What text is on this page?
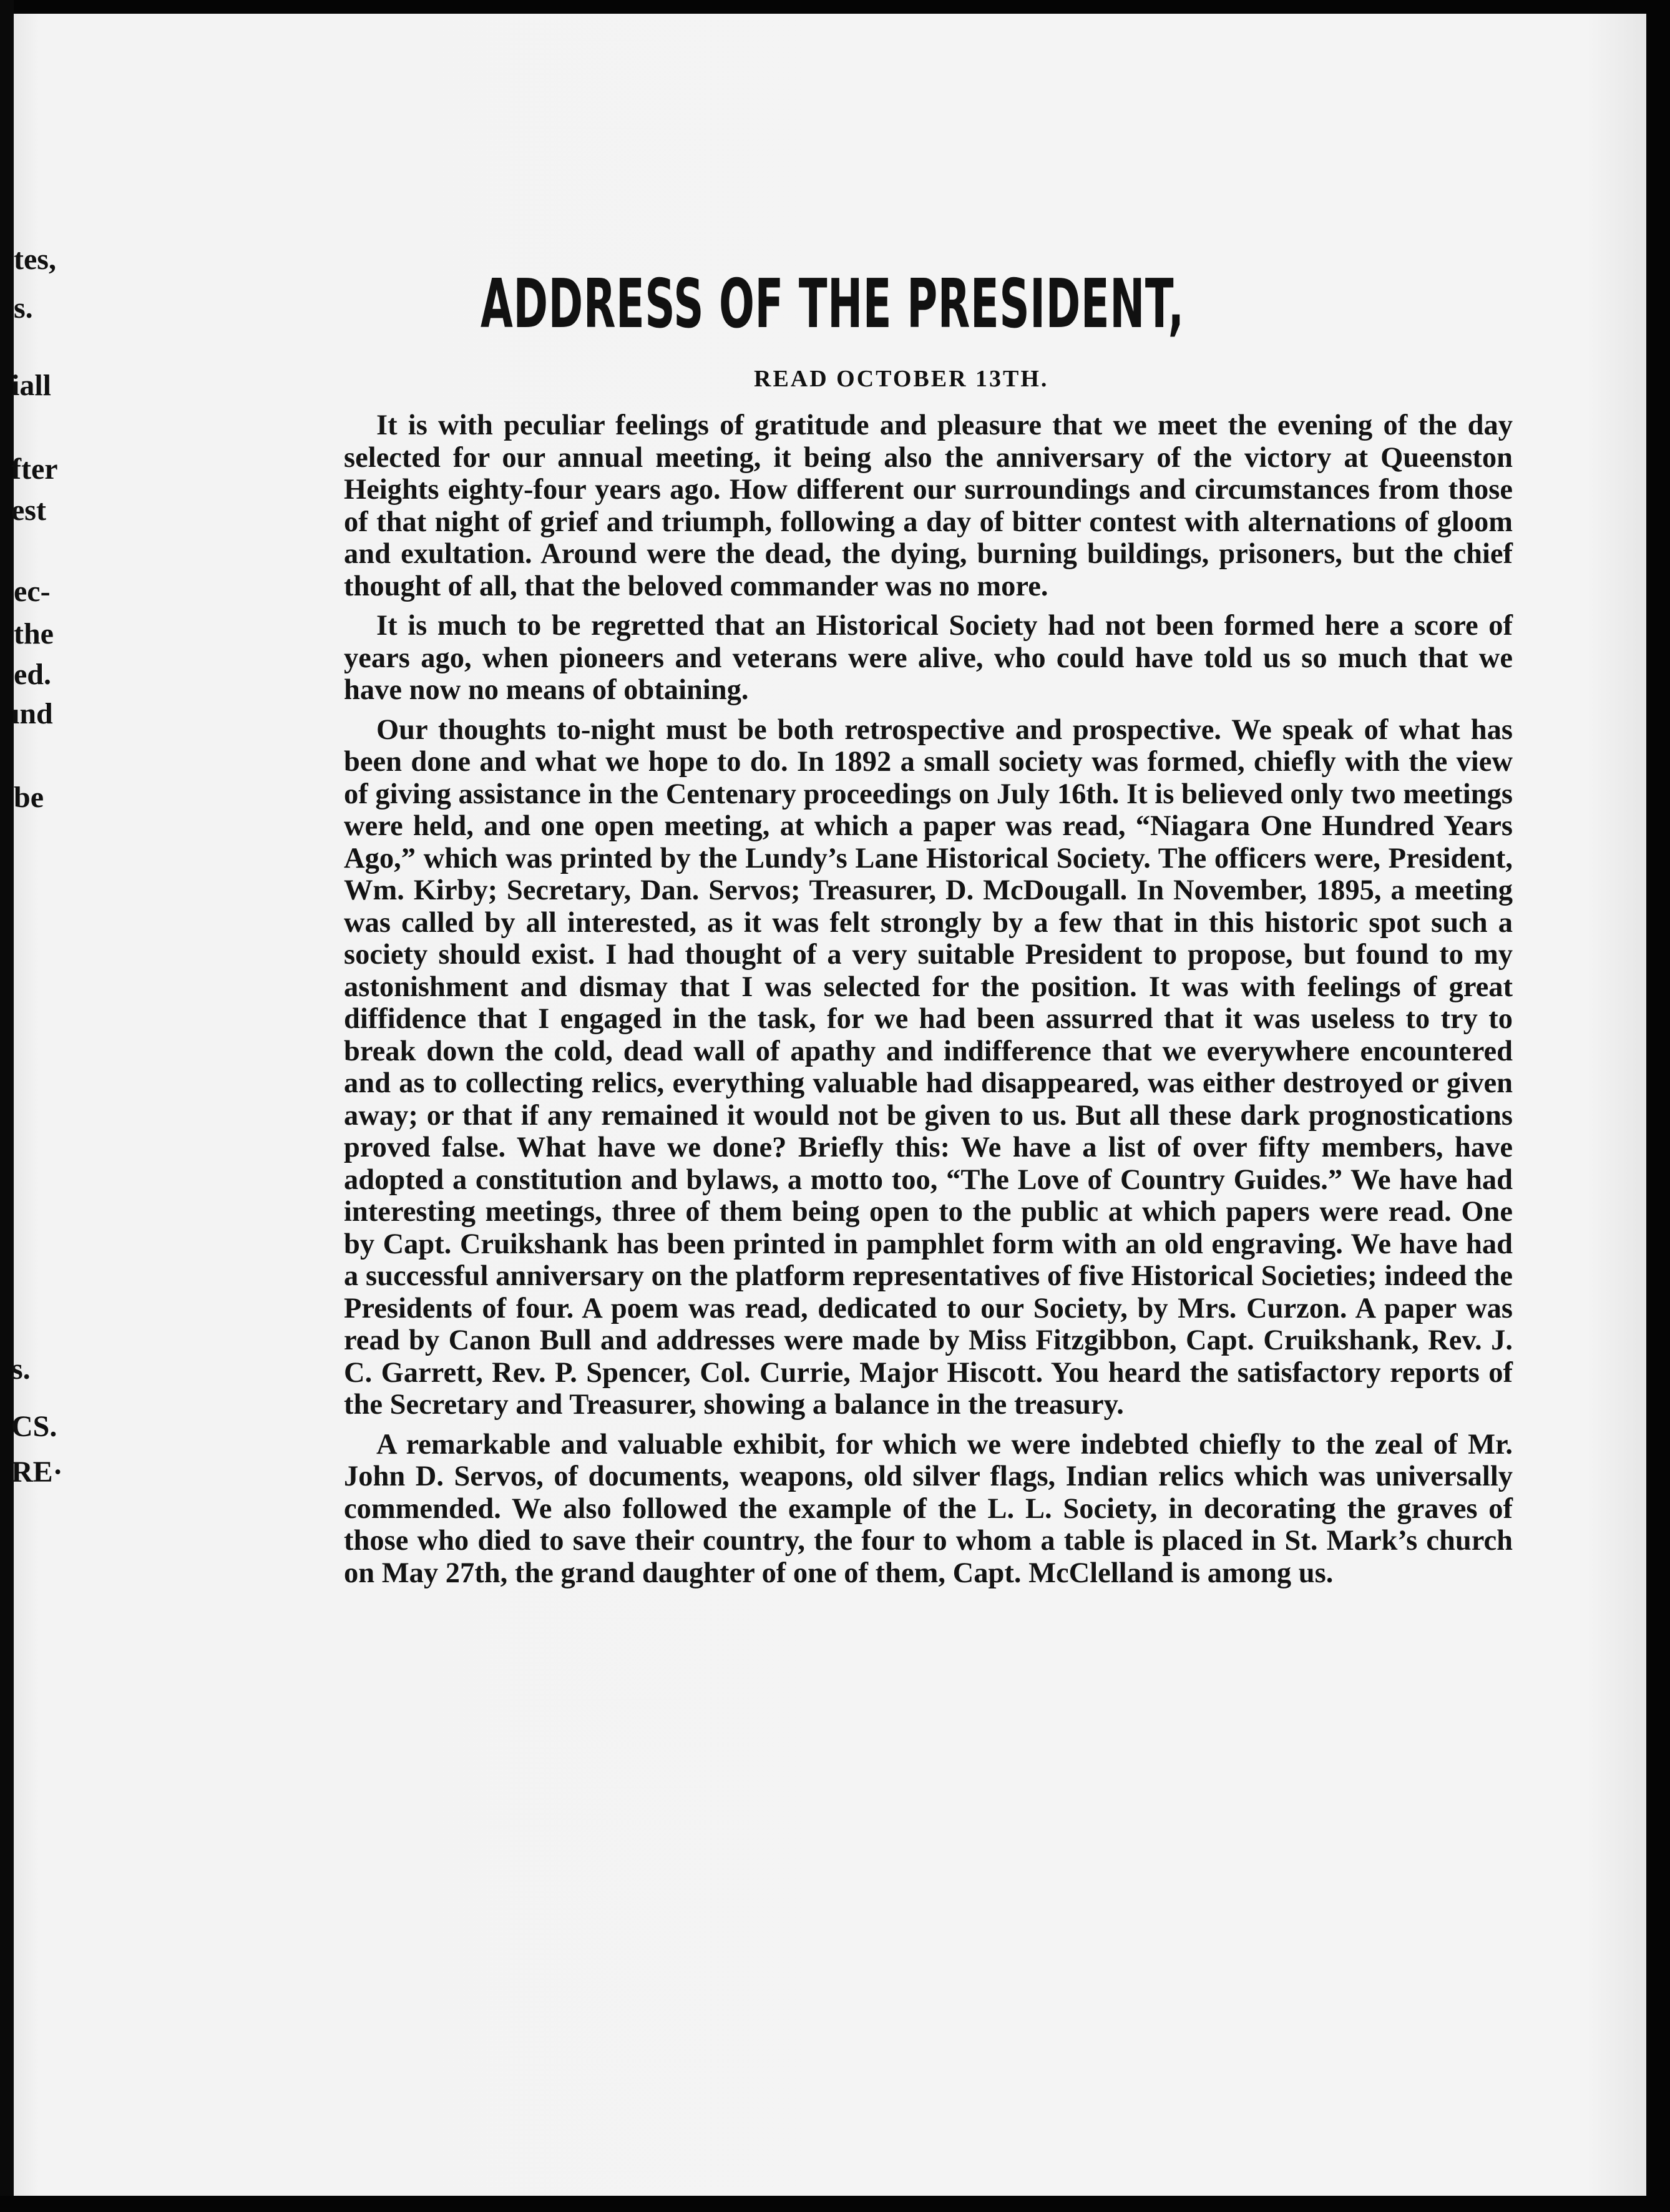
tes,
s.
iall
fter
est
ec-
the
ed.
ınd
be
s.
CS.
RE·
ADDRESS OF THE PRESIDENT,
READ OCTOBER 13TH.

It is with peculiar feelings of gratitude and pleasure that we meet the evening of the day selected for our annual meeting, it being also the anniversary of the victory at Queenston Heights eighty-four years ago. How different our surroundings and circumstances from those of that night of grief and triumph, following a day of bitter contest with alternations of gloom and exultation. Around were the dead, the dying, burning buildings, prisoners, but the chief thought of all, that the beloved commander was no more.

It is much to be regretted that an Historical Society had not been formed here a score of years ago, when pioneers and veterans were alive, who could have told us so much that we have now no means of obtaining.

Our thoughts to-night must be both retrospective and prospective. We speak of what has been done and what we hope to do. In 1892 a small society was formed, chiefly with the view of giving assistance in the Centenary proceedings on July 16th. It is believed only two meetings were held, and one open meeting, at which a paper was read, “Niagara One Hundred Years Ago,” which was printed by the Lundy’s Lane Historical Society. The officers were, President, Wm. Kirby; Secretary, Dan. Servos; Treasurer, D. McDougall. In November, 1895, a meeting was called by all interested, as it was felt strongly by a few that in this historic spot such a society should exist. I had thought of a very suitable President to propose, but found to my astonishment and dismay that I was selected for the position. It was with feelings of great diffidence that I engaged in the task, for we had been assurred that it was useless to try to break down the cold, dead wall of apathy and indifference that we everywhere encountered and as to collecting relics, everything valuable had disappeared, was either destroyed or given away; or that if any remained it would not be given to us. But all these dark prognostications proved false. What have we done? Briefly this: We have a list of over fifty members, have adopted a constitution and bylaws, a motto too, “The Love of Country Guides.” We have had interesting meetings, three of them being open to the public at which papers were read. One by Capt. Cruikshank has been printed in pamphlet form with an old engraving. We have had a successful anniversary on the platform representatives of five Historical Societies; indeed the Presidents of four. A poem was read, dedicated to our Society, by Mrs. Curzon. A paper was read by Canon Bull and addresses were made by Miss Fitzgibbon, Capt. Cruikshank, Rev. J. C. Garrett, Rev. P. Spencer, Col. Currie, Major Hiscott. You heard the satisfactory reports of the Secretary and Treasurer, showing a balance in the treasury.

A remarkable and valuable exhibit, for which we were indebted chiefly to the zeal of Mr. John D. Servos, of documents, weapons, old silver flags, Indian relics which was universally commended. We also followed the example of the L. L. Society, in decorating the graves of those who died to save their country, the four to whom a table is placed in St. Mark’s church on May 27th, the grand daughter of one of them, Capt. McClelland is among us.
